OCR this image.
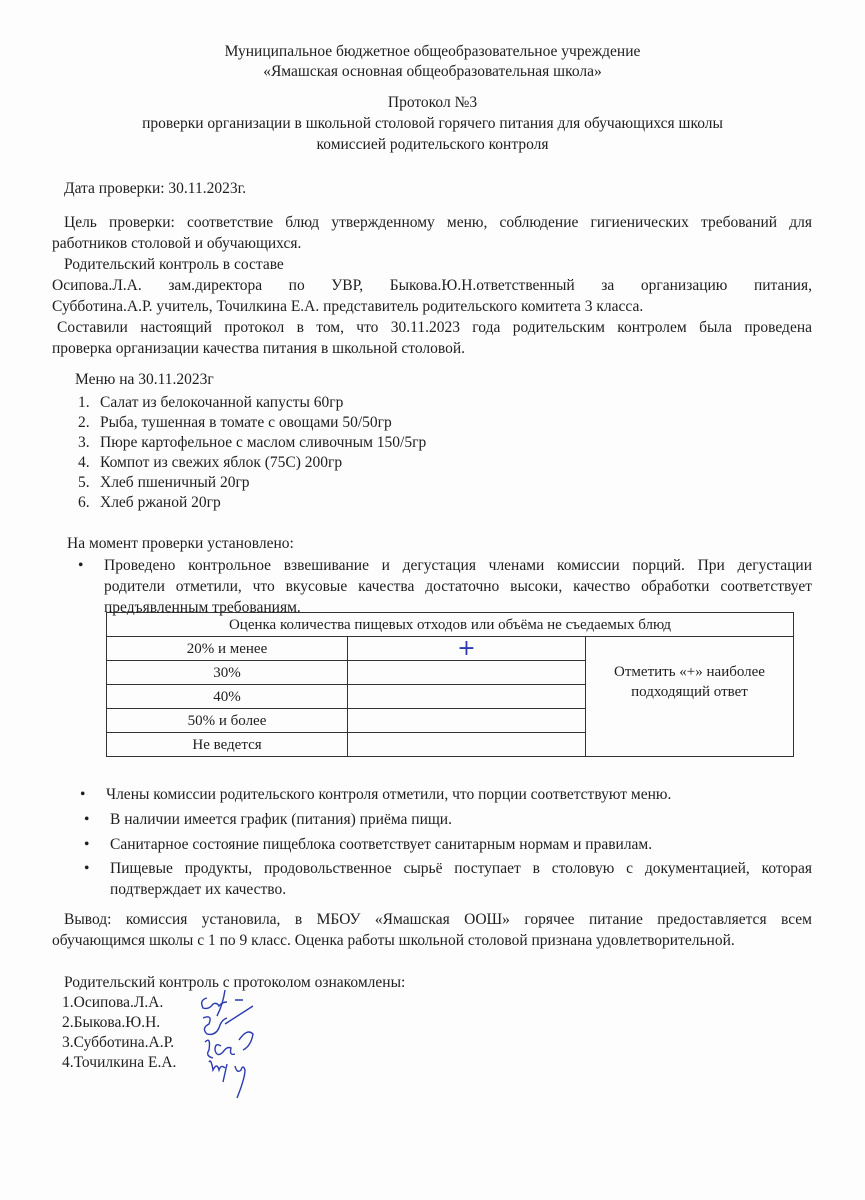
Муниципальное бюджетное общеобразовательное учреждение
«Ямашская основная общеобразовательная школа»
Протокол №3
проверки организации в школьной столовой горячего питания для обучающихся школы
комиссией родительского контроля
Дата проверки: 30.11.2023г.
Цель проверки: соответствие блюд утвержденному меню, соблюдение гигиенических требований для
работников столовой и обучающихся.
Родительский контроль в составе
Осипова.Л.А. зам.директора по УВР, Быкова.Ю.Н.ответственный за организацию питания,
Субботина.А.Р. учитель, Точилкина Е.А. представитель родительского комитета 3 класса.
Составили настоящий протокол в том, что 30.11.2023 года родительским контролем была проведена
проверка организации качества питания в школьной столовой.
Меню на 30.11.2023г
1. Салат из белокочанной капусты 60гр
2. Рыба, тушенная в томате с овощами 50/50гр
3. Пюре картофельное с маслом сливочным 150/5гр
4. Компот из свежих яблок (75С) 200гр
5. Хлеб пшеничный 20гр
6. Хлеб ржаной 20гр
На момент проверки установлено:
• Проведено контрольное взвешивание и дегустация членами комиссии порций. При дегустации
родители отметили, что вкусовые качества достаточно высоки, качество обработки соответствует
предъявленным требованиям.
Оценка количества пищевых отходов или объёма не съедаемых блюд		
20% и менее	+	Отметить «+» наиболее
подходящий ответ

30%		
40%		
50% и более		
Не ведется		
• Члены комиссии родительского контроля отметили, что порции соответствуют меню.
• В наличии имеется график (питания) приёма пищи.
• Санитарное состояние пищеблока соответствует санитарным нормам и правилам.
• Пищевые продукты, продовольственное сырьё поступает в столовую с документацией, которая
подтверждает их качество.
Вывод: комиссия установила, в МБОУ «Ямашская ООШ» горячее питание предоставляется всем
обучающимся школы с 1 по 9 класс. Оценка работы школьной столовой признана удовлетворительной.
Родительский контроль с протоколом ознакомлены:
1.Осипова.Л.А.
2.Быкова.Ю.Н.
3.Субботина.А.Р.
4.Точилкина Е.А.
